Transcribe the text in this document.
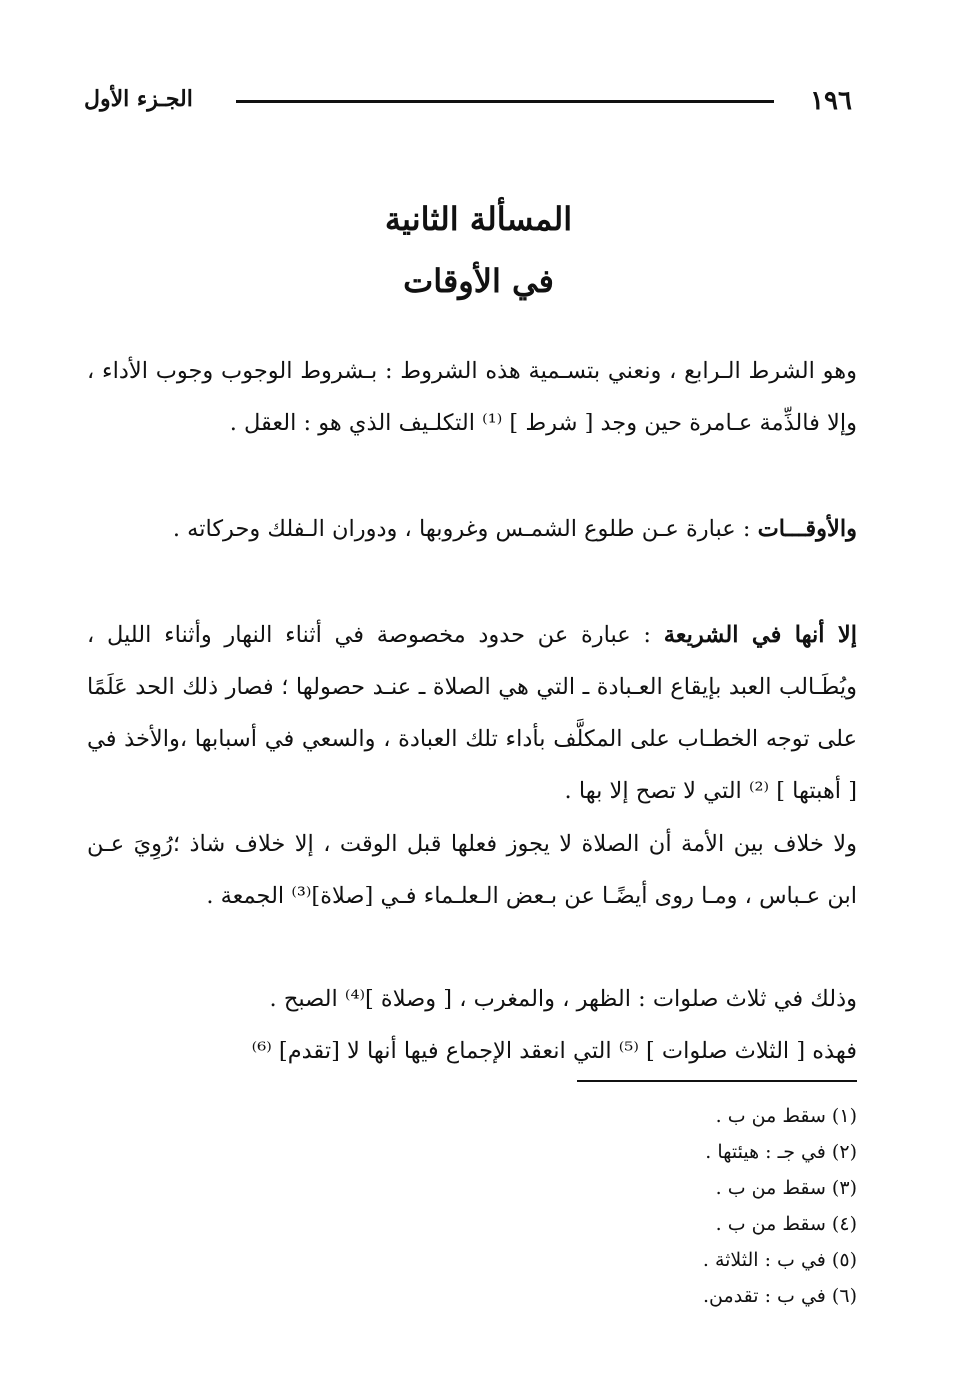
١٩٦
الجـزء الأول
المسألة الثانية
في الأوقات

وهو الشرط الـرابع ، ونعني بتسـمية هذه الشروط : بـشروط الوجوب وجوب الأداء ، وإلا فالذِّمة عـامرة حين وجد [ شرط ] ⁽¹⁾ التكلـيف الذي هو : العقل .

والأوقـــات : عبارة عـن طلوع الشمـس وغروبها ، ودوران الـفلك وحركاته .

إلا أنها في الشريعة : عبارة عن حدود مخصوصة في أثناء النهار وأثناء الليل ، ويُطَـالب العبد بإيقاع العـبادة ـ التي هي الصلاة ـ عنـد حصولها ؛ فصار ذلك الحد عَلَمًا على توجه الخطـاب على المكلَّف بأداء تلك العبادة ، والسعي في أسبابها ،والأخذ في [ أهبتها ] ⁽²⁾ التي لا تصح إلا بها .

ولا خلاف بين الأمة أن الصلاة لا يجوز فعلها قبل الوقت ، إلا خلاف شاذ ؛رُوِيَ عـن ابن عـباس ، ومـا روى أيضًـا عن بـعض الـعلـماء فـي [صلاة]⁽³⁾ الجمعة .

وذلك في ثلاث صلوات : الظهر ، والمغرب ، [ وصلاة ]⁽⁴⁾ الصبح .

فهذه [ الثلاث صلوات ] ⁽⁵⁾ التي انعقد الإجماع فيها أنها لا [تقدم] ⁽⁶⁾

(١) سقط من ب .
(٢) في جـ : هيئتها .
(٣) سقط من ب .
(٤) سقط من ب .
(٥) في ب : الثلاثة .
(٦) في ب : تقدمن.
